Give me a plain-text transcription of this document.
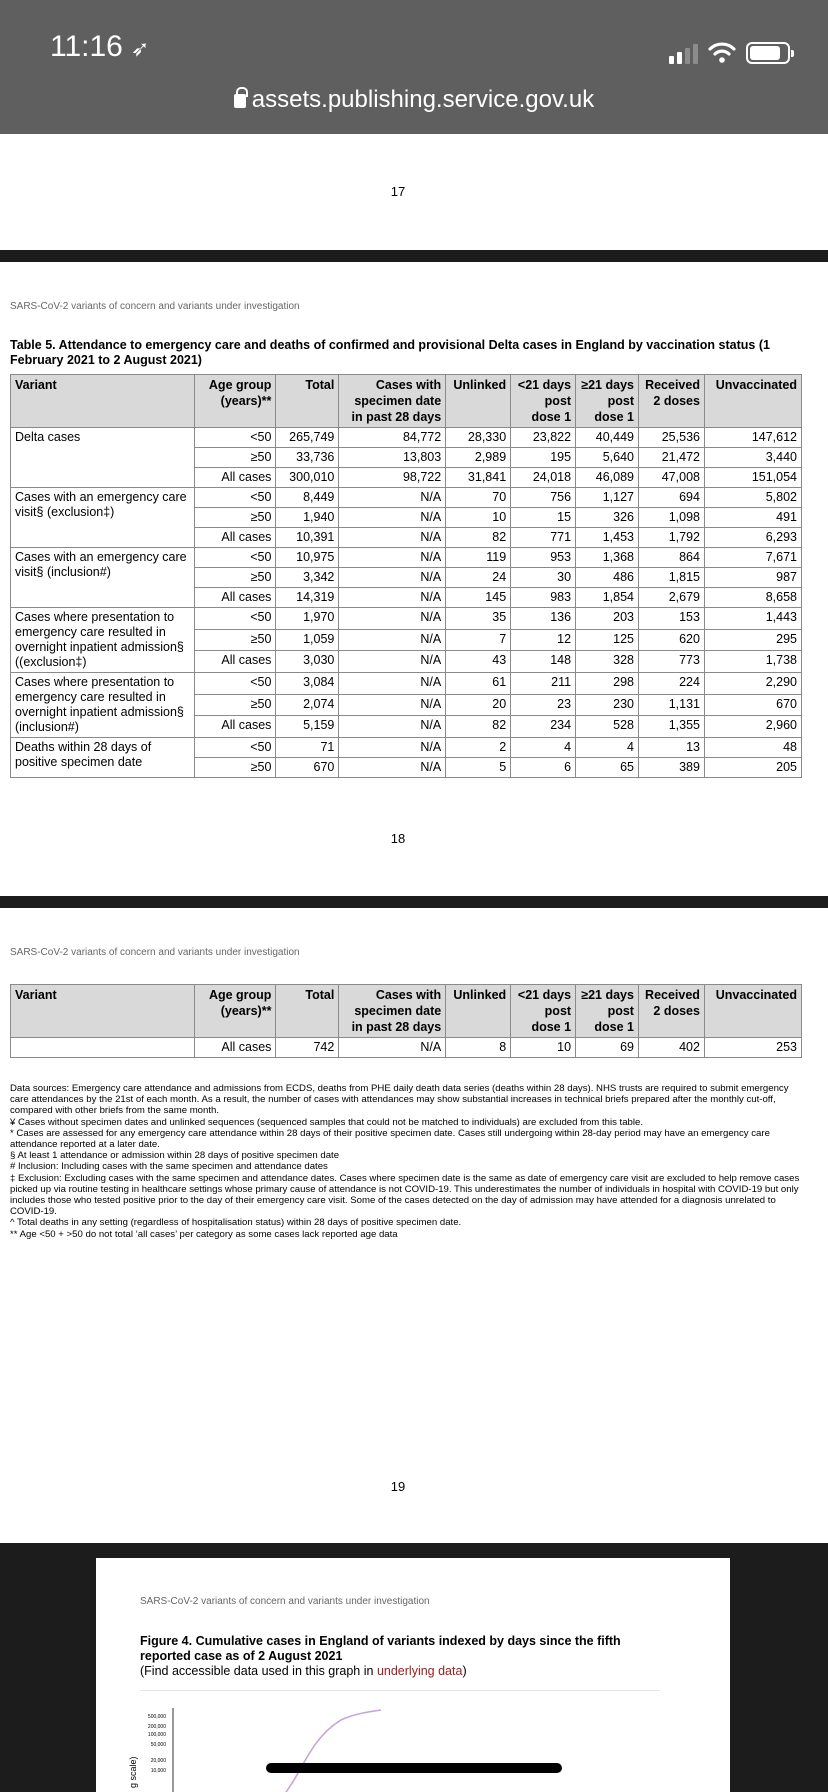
11:16 ➶
assets.publishing.service.gov.uk
17
SARS-CoV-2 variants of concern and variants under investigation
Table 5. Attendance to emergency care and deaths of confirmed and provisional Delta cases in England by vaccination status (1 February 2021 to 2 August 2021)
Variant	Age group (years)**	Total	Cases with specimen date in past 28 days	Unlinked	<21 days post dose 1	≥21 days post dose 1	Received 2 doses	Unvaccinated
Delta cases	<50	265,749	84,772	28,330	23,822	40,449	25,536	147,612
	≥50	33,736	13,803	2,989	195	5,640	21,472	3,440
	All cases	300,010	98,722	31,841	24,018	46,089	47,008	151,054
Cases with an emergency care visit§ (exclusion‡)	<50	8,449	N/A	70	756	1,127	694	5,802
	≥50	1,940	N/A	10	15	326	1,098	491
	All cases	10,391	N/A	82	771	1,453	1,792	6,293
Cases with an emergency care visit§ (inclusion#)	<50	10,975	N/A	119	953	1,368	864	7,671
	≥50	3,342	N/A	24	30	486	1,815	987
	All cases	14,319	N/A	145	983	1,854	2,679	8,658
Cases where presentation to emergency care resulted in overnight inpatient admission§ ((exclusion‡)	<50	1,970	N/A	35	136	203	153	1,443
	≥50	1,059	N/A	7	12	125	620	295
	All cases	3,030	N/A	43	148	328	773	1,738
Cases where presentation to emergency care resulted in overnight inpatient admission§ (inclusion#)	<50	3,084	N/A	61	211	298	224	2,290
	≥50	2,074	N/A	20	23	230	1,131	670
	All cases	5,159	N/A	82	234	528	1,355	2,960
Deaths within 28 days of positive specimen date	<50	71	N/A	2	4	4	13	48
	≥50	670	N/A	5	6	65	389	205
18
SARS-CoV-2 variants of concern and variants under investigation
Variant	Age group (years)**	Total	Cases with specimen date in past 28 days	Unlinked	<21 days post dose 1	≥21 days post dose 1	Received 2 doses	Unvaccinated
	All cases	742	N/A	8	10	69	402	253

Data sources: Emergency care attendance and admissions from ECDS, deaths from PHE daily death data series (deaths within 28 days). NHS trusts are required to submit emergency care attendances by the 21st of each month. As a result, the number of cases with attendances may show substantial increases in technical briefs prepared after the monthly cut-off, compared with other briefs from the same month.

¥ Cases without specimen dates and unlinked sequences (sequenced samples that could not be matched to individuals) are excluded from this table.

* Cases are assessed for any emergency care attendance within 28 days of their positive specimen date. Cases still undergoing within 28-day period may have an emergency care attendance reported at a later date.

§ At least 1 attendance or admission within 28 days of positive specimen date

# Inclusion: Including cases with the same specimen and attendance dates

‡ Exclusion: Excluding cases with the same specimen and attendance dates. Cases where specimen date is the same as date of emergency care visit are excluded to help remove cases picked up via routine testing in healthcare settings whose primary cause of attendance is not COVID-19. This underestimates the number of individuals in hospital with COVID-19 but only includes those who tested positive prior to the day of their emergency care visit. Some of the cases detected on the day of admission may have attended for a diagnosis unrelated to COVID-19.

^ Total deaths in any setting (regardless of hospitalisation status) within 28 days of positive specimen date.

** Age <50 + >50 do not total ‘all cases’ per category as some cases lack reported age data

19
SARS-CoV-2 variants of concern and variants under investigation
Figure 4. Cumulative cases in England of variants indexed by days since the fifth reported case as of 2 August 2021
(Find accessible data used in this graph in underlying data)
g scale)
500,000
200,000
100,000
50,000
20,000
10,000
